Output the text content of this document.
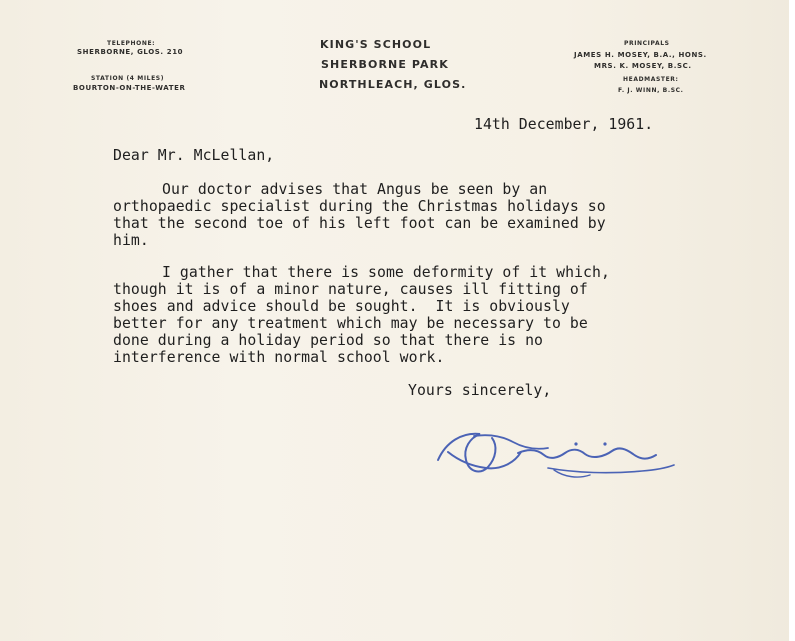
TELEPHONE:
SHERBORNE, GLOS. 210
STATION (4 MILES)
BOURTON-ON-THE-WATER
KING'S SCHOOL
SHERBORNE PARK
NORTHLEACH, GLOS.
PRINCIPALS
JAMES H. MOSEY, B.A., HONS.
MRS. K. MOSEY, B.SC.
HEADMASTER:
F. J. WINN, B.SC.
14th December, 1961.
Dear Mr. McLellan,
Our doctor advises that Angus be seen by an
orthopaedic specialist during the Christmas holidays so
that the second toe of his left foot can be examined by
him.
I gather that there is some deformity of it which,
though it is of a minor nature, causes ill fitting of
shoes and advice should be sought.  It is obviously
better for any treatment which may be necessary to be
done during a holiday period so that there is no
interference with normal school work.
Yours sincerely,
